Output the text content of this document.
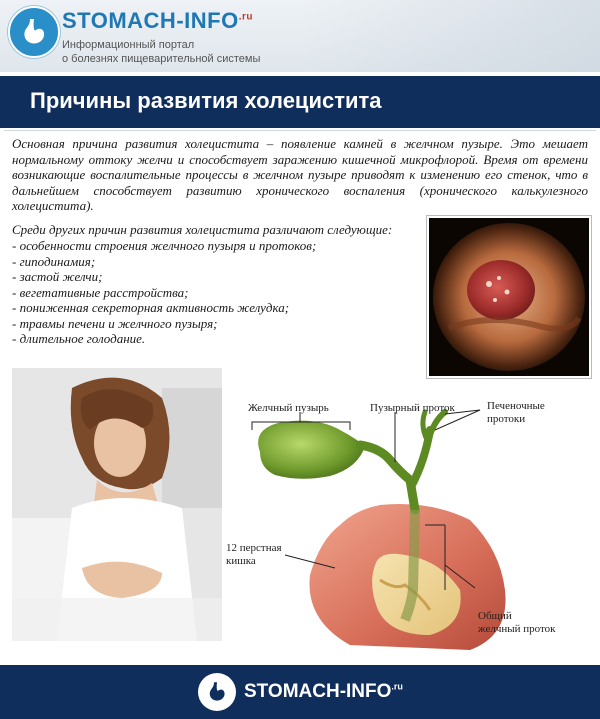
STOMACH-$INFO^{.ru}$
Информационный портал
о болезнях пищеварительной системы
Причины развития холецистита
Основная причина развития холецистита – появление камней в желчном пузыре. Это мешает нормальному оттоку желчи и способствует заражению кишечной микрофлорой. Время от времени возникающие воспалительные процессы в желчном пузыре приводят к изменению его стенок, что в дальнейшем способствует развитию хронического воспаления (хронического калькулезного холецистита).
Среди других причин развития холецистита различают следующие:
- особенности строения желчного пузыря и протоков;
- гиподинамия;
- застой желчи;
- вегетативные расстройства;
- пониженная секреторная активность желудка;
- травмы печени и желчного пузыря;
- длительное голодание.
Желчный пузырь	Пузырный проток	Печеночные
протоки
12 перстная
кишка
Общий
желчный проток
STOMACH-$INFO^{.ru}$
